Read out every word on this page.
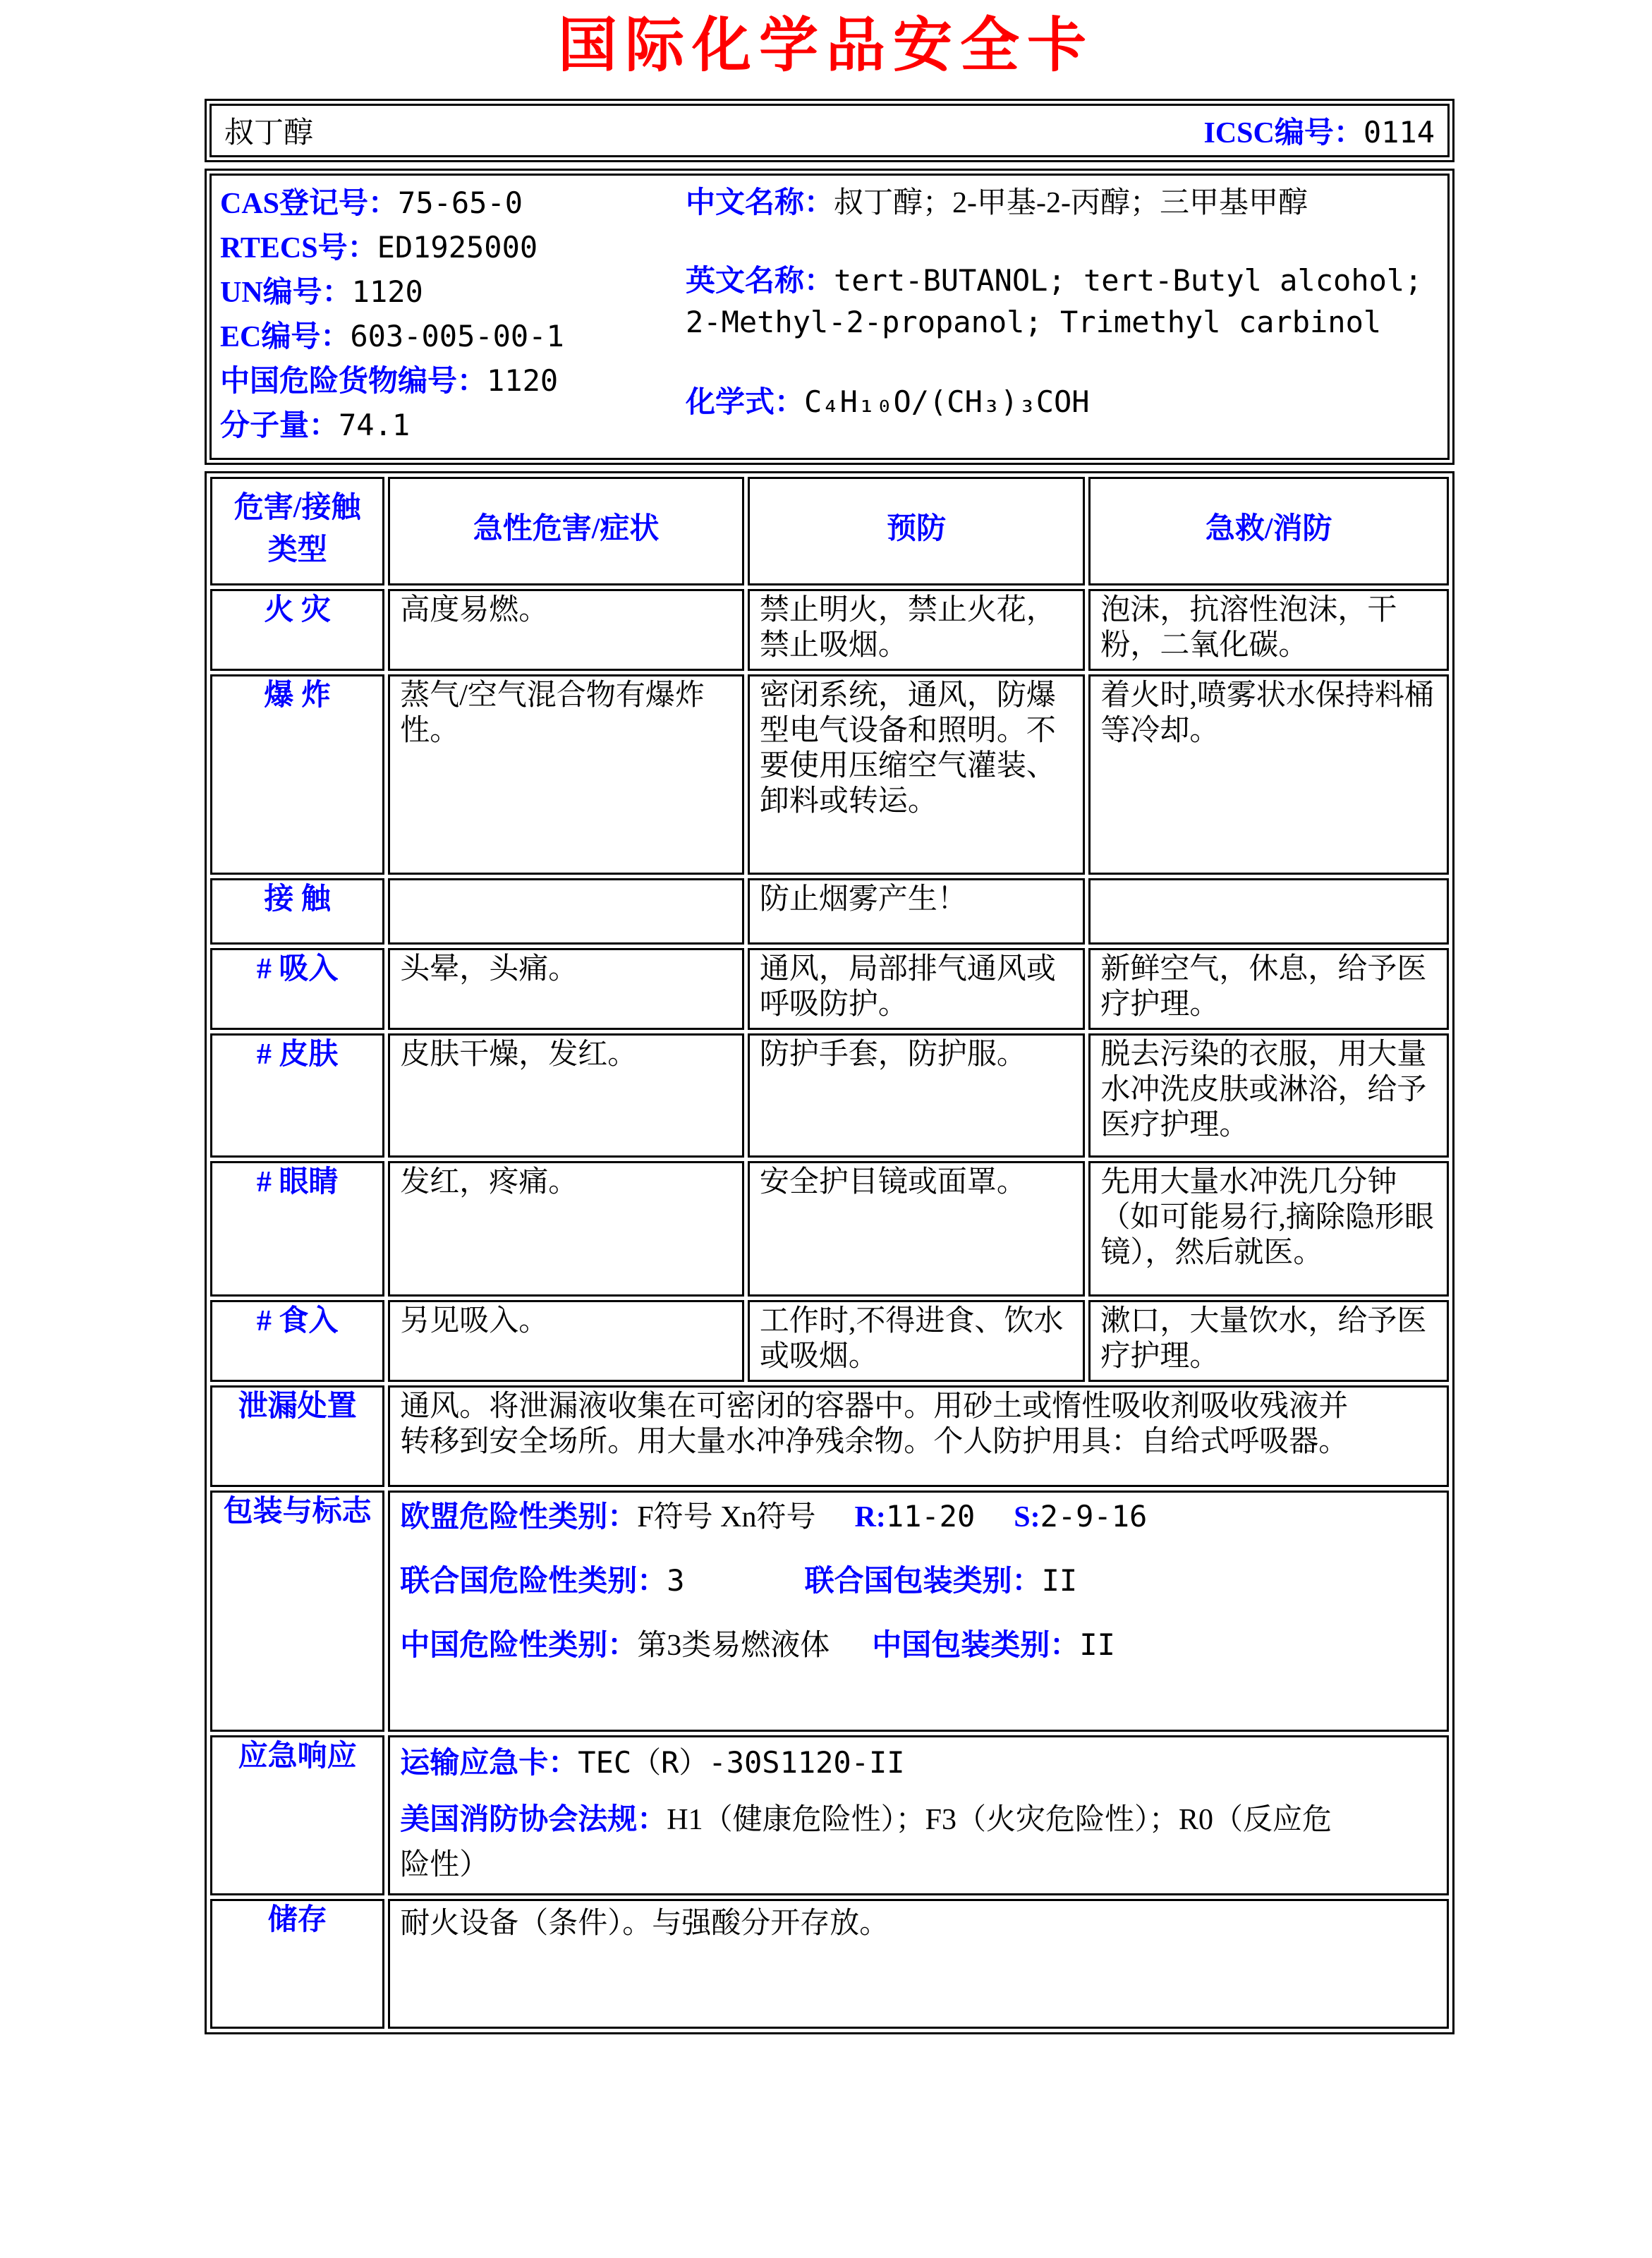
国际化学品安全卡
叔丁醇	ICSC编号：0114
CAS登记号：75-65-0
RTECS号：ED1925000
UN编号：1120
EC编号：603-005-00-1
中国危险货物编号：1120
分子量：74.1
中文名称：叔丁醇；2-甲基-2-丙醇；三甲基甲醇
英文名称：tert-BUTANOL; tert-Butyl alcohol; 2-Methyl-2-propanol; Trimethyl carbinol
化学式：C₄H₁₀O/(CH₃)₃COH
危害/接触
类型	急性危害/症状	预防	急救/消防
火 灾	高度易燃。	禁止明火，禁止火花，禁止吸烟。	泡沫，抗溶性泡沫，干粉，二氧化碳。
爆 炸	蒸气/空气混合物有爆炸性。	密闭系统，通风，防爆型电气设备和照明。不要使用压缩空气灌装、卸料或转运。	着火时,喷雾状水保持料桶等冷却。
接 触		防止烟雾产生！	
# 吸入	头晕，头痛。	通风，局部排气通风或呼吸防护。	新鲜空气，休息，给予医疗护理。
# 皮肤	皮肤干燥，发红。	防护手套，防护服。	脱去污染的衣服，用大量水冲洗皮肤或淋浴，给予医疗护理。
# 眼睛	发红，疼痛。	安全护目镜或面罩。	先用大量水冲洗几分钟（如可能易行,摘除隐形眼镜），然后就医。
# 食入	另见吸入。	工作时,不得进食、饮水或吸烟。	漱口，大量饮水，给予医疗护理。
泄漏处置	通风。将泄漏液收集在可密闭的容器中。用砂土或惰性吸收剂吸收残液并转移到安全场所。用大量水冲净残余物。个人防护用具：自给式呼吸器。		

包装与标志	欧盟危险性类别：F符号 Xn符号 R:11-20 S:2-9-16
联合国危险性类别：3 联合国包装类别：II
中国危险性类别：第3类易燃液体 中国包装类别：II		

应急响应	运输应急卡：TEC（R）-30S1120-II
美国消防协会法规：H1（健康危险性）；F3（火灾危险性）；R0（反应危险性）		

储存	耐火设备（条件）。与强酸分开存放。		
